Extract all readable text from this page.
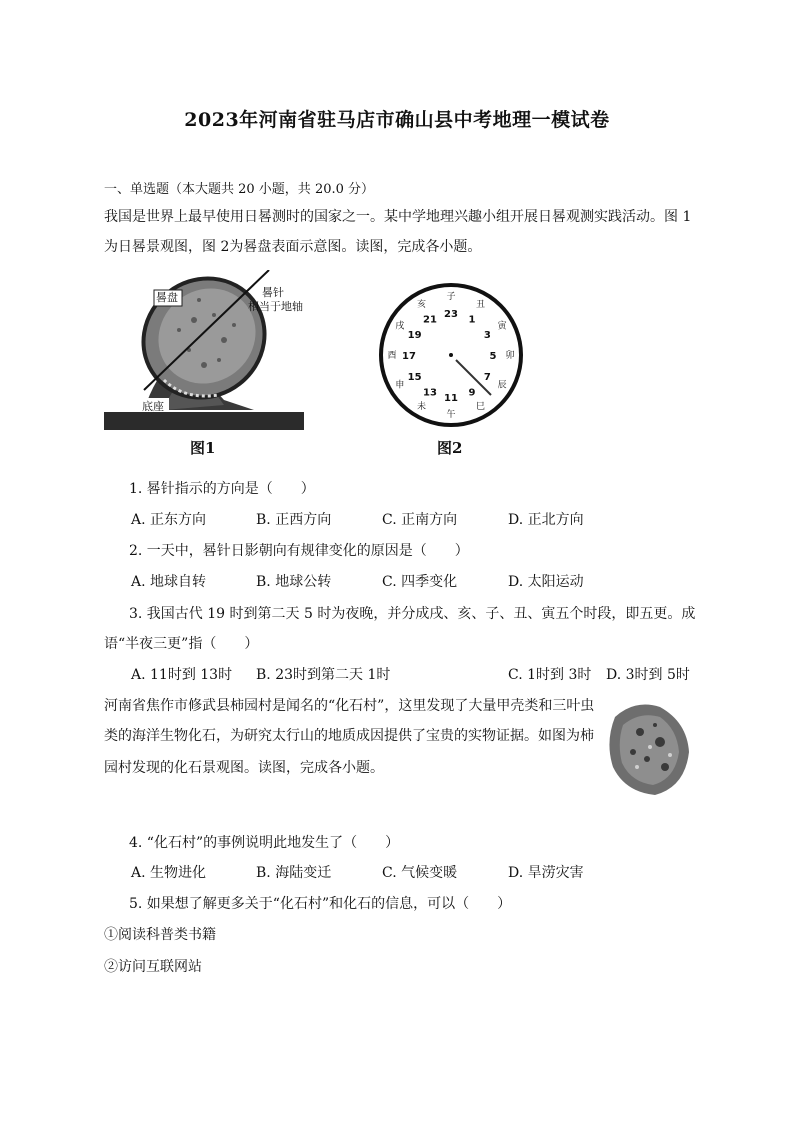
2023年河南省驻马店市确山县中考地理一模试卷
一、单选题（本大题共 20 小题，共 20.0 分）
我国是世界上最早使用日晷测时的国家之一。某中学地理兴趣小组开展日晷观测实践活动。图 1
为日晷景观图，图 2为晷盘表面示意图。读图，完成各小题。
晷盘	晷针
相当于地轴
底座
图1
23
1
3
5
7
9
11
13
15
17
19
21
子
丑
寅
卯
辰
巳
午
未
申
酉
戌
亥
图2
1. 晷针指示的方向是（　　）
A. 正东方向	B. 正西方向	C. 正南方向	D. 正北方向
2. 一天中，晷针日影朝向有规律变化的原因是（　　）
A. 地球自转	B. 地球公转	C. 四季变化	D. 太阳运动
3. 我国古代 19 时到第二天 5 时为夜晚，并分成戌、亥、子、丑、寅五个时段，即五更。成
语“半夜三更”指（　　）
A. 11时到 13时 B. 23时到第二天 1时	C. 1时到 3时 D. 3时到 5时
河南省焦作市修武县柿园村是闻名的“化石村”，这里发现了大量甲壳类和三叶虫
类的海洋生物化石，为研究太行山的地质成因提供了宝贵的实物证据。如图为柿
园村发现的化石景观图。读图，完成各小题。
4. “化石村”的事例说明此地发生了（　　）
A. 生物进化	B. 海陆变迁	C. 气候变暖	D. 旱涝灾害
5. 如果想了解更多关于“化石村”和化石的信息，可以（　　）
①阅读科普类书籍
②访问互联网站
